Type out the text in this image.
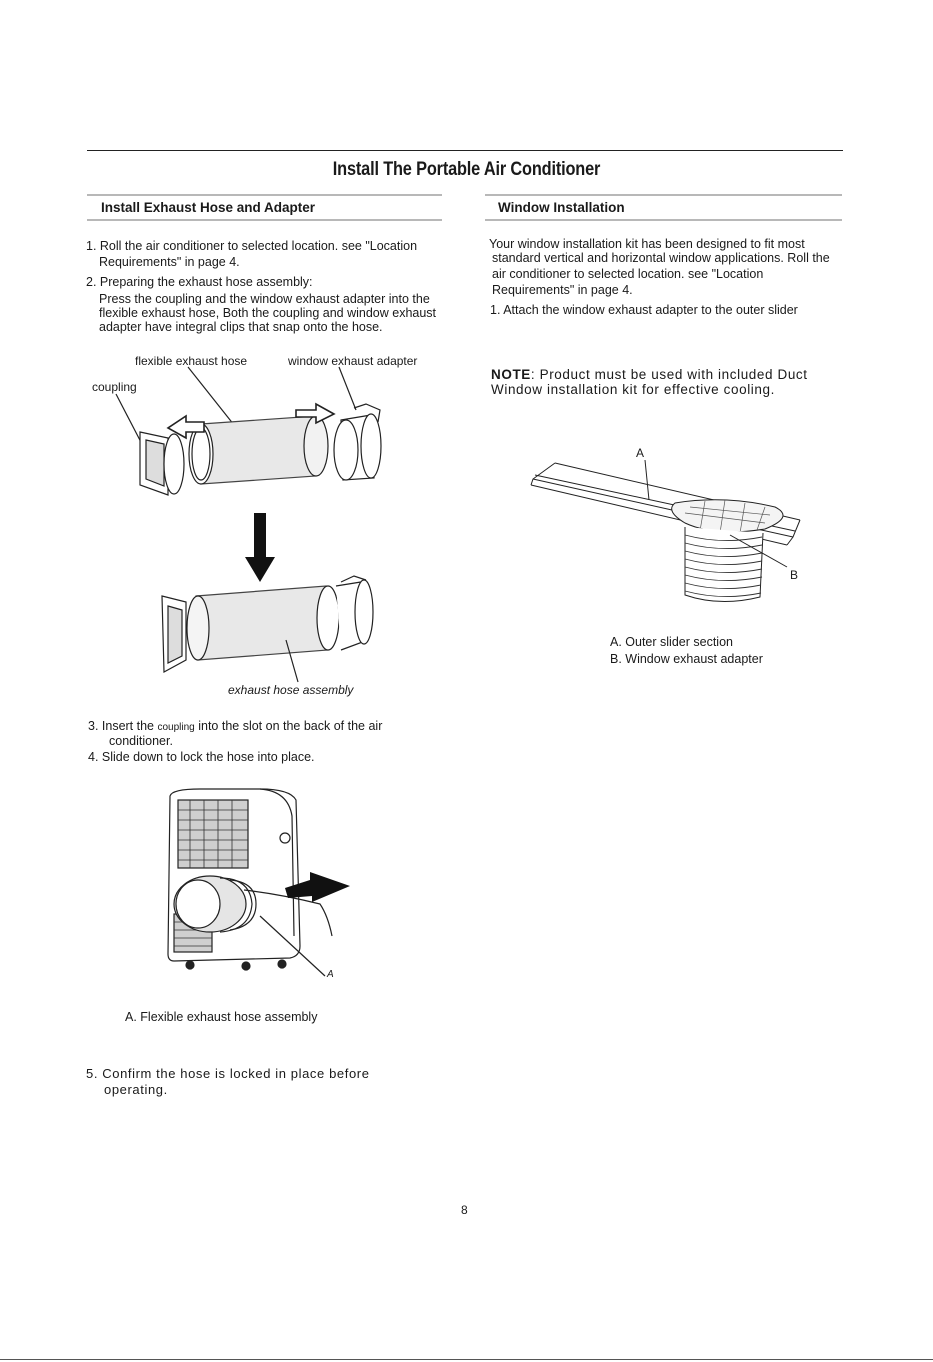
Install The Portable Air Conditioner
Install Exhaust Hose and Adapter
1. Roll the air conditioner to selected location. see "Location
Requirements" in page 4.
2. Preparing the exhaust hose assembly:
Press the coupling and the window exhaust adapter into the
flexible exhaust hose, Both the coupling and window exhaust
adapter have integral clips that snap onto the hose.
flexible exhaust hose	window exhaust adapter
coupling
exhaust hose assembly
3. Insert the coupling into the slot on the back of the air
conditioner.
4. Slide down to lock the hose into place.
A
A. Flexible exhaust hose assembly
5. Confirm the hose is locked in place before
operating.
Window Installation
Your window installation kit has been designed to fit most
standard vertical and horizontal window applications. Roll the
air conditioner to selected location. see "Location
Requirements" in page 4.
1. Attach the window exhaust adapter to the outer slider
NOTE: Product must be used with included Duct
Window installation kit for effective cooling.
A
B
A. Outer slider section
B. Window exhaust adapter
8
